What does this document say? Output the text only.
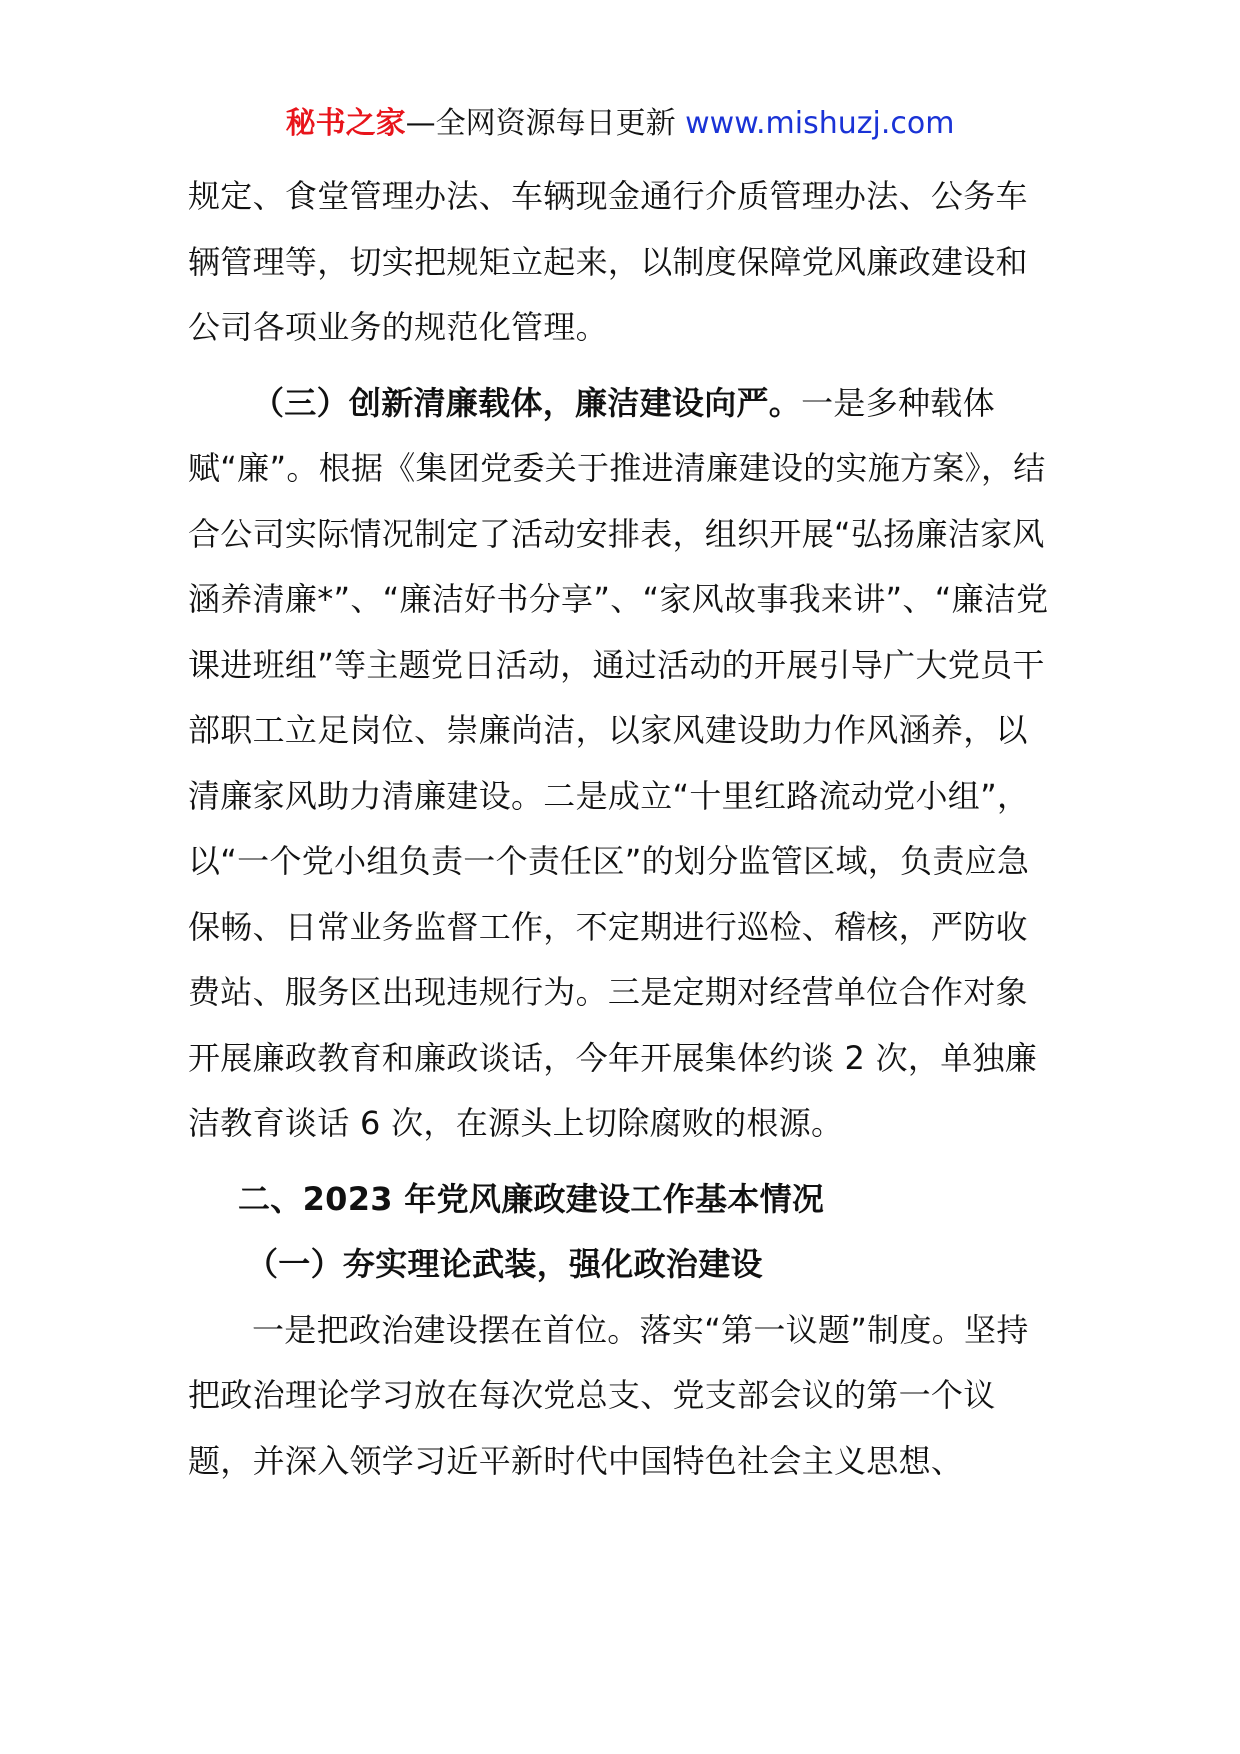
秘书之家—全网资源每日更新 www.mishuzj.com

规定、食堂管理办法、车辆现金通行介质管理办法、公务车辆管理等，切实把规矩立起来，以制度保障党风廉政建设和公司各项业务的规范化管理。

（三）创新清廉载体，廉洁建设向严。一是多种载体赋“廉”。根据《集团党委关于推进清廉建设的实施方案》，结合公司实际情况制定了活动安排表，组织开展“弘扬廉洁家风涵养清廉*”、“廉洁好书分享”、“家风故事我来讲”、“廉洁党课进班组”等主题党日活动，通过活动的开展引导广大党员干部职工立足岗位、崇廉尚洁，以家风建设助力作风涵养，以清廉家风助力清廉建设。二是成立“十里红路流动党小组”，以“一个党小组负责一个责任区”的划分监管区域，负责应急保畅、日常业务监督工作，不定期进行巡检、稽核，严防收费站、服务区出现违规行为。三是定期对经营单位合作对象开展廉政教育和廉政谈话，今年开展集体约谈 2 次，单独廉洁教育谈话 6 次，在源头上切除腐败的根源。

二、2023 年党风廉政建设工作基本情况

（一）夯实理论武装，强化政治建设

一是把政治建设摆在首位。落实“第一议题”制度。坚持把政治理论学习放在每次党总支、党支部会议的第一个议题，并深入领学习近平新时代中国特色社会主义思想、
